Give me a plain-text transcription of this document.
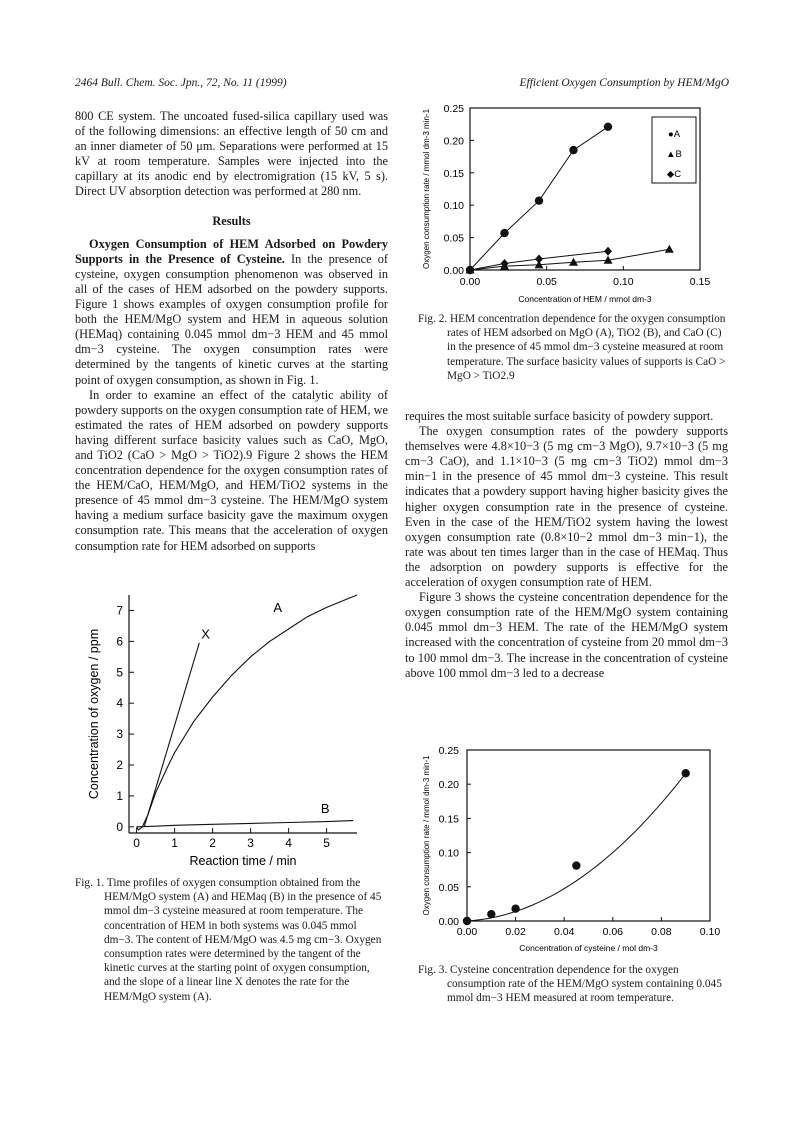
2464 Bull. Chem. Soc. Jpn., 72, No. 11 (1999)	Efficient Oxygen Consumption by HEM/MgO

800 CE system. The uncoated fused-silica capillary used was of the following dimensions: an effective length of 50 cm and an inner diameter of 50 μm. Separations were performed at 15 kV at room temperature. Samples were injected into the capillary at its anodic end by electromigration (15 kV, 5 s). Direct UV absorption detection was performed at 280 nm.

Results

Oxygen Consumption of HEM Adsorbed on Powdery Supports in the Presence of Cysteine. In the presence of cysteine, oxygen consumption phenomenon was observed in all of the cases of HEM adsorbed on the powdery supports. Figure 1 shows examples of oxygen consumption profile for both the HEM/MgO system and HEM in aqueous solution (HEMaq) containing 0.045 mmol dm−3 HEM and 45 mmol dm−3 cysteine. The oxygen consumption rates were determined by the tangents of kinetic curves at the starting point of oxygen consumption, as shown in Fig. 1.

In order to examine an effect of the catalytic ability of powdery supports on the oxygen consumption rate of HEM, we estimated the rates of HEM adsorbed on powdery supports having different surface basicity values such as CaO, MgO, and TiO2 (CaO > MgO > TiO2).9 Figure 2 shows the HEM concentration dependence for the oxygen consumption rates of the HEM/CaO, HEM/MgO, and HEM/TiO2 systems in the presence of 45 mmol dm−3 cysteine. The HEM/MgO system having a medium surface basicity gave the maximum oxygen consumption rate. This means that the acceleration of oxygen consumption rate for HEM adsorbed on supports

requires the most suitable surface basicity of powdery support.

The oxygen consumption rates of the powdery supports themselves were 4.8×10−3 (5 mg cm−3 MgO), 9.7×10−3 (5 mg cm−3 CaO), and 1.1×10−3 (5 mg cm−3 TiO2) mmol dm−3 min−1 in the presence of 45 mmol dm−3 cysteine. This result indicates that a powdery support having higher basicity gives the higher oxygen consumption rate in the presence of cysteine. Even in the case of the HEM/TiO2 system having the lowest oxygen consumption rate (0.8×10−2 mmol dm−3 min−1), the rate was about ten times larger than in the case of HEMaq. Thus the adsorption on powdery supports is effective for the acceleration of oxygen consumption rate of HEM.

Figure 3 shows the cysteine concentration dependence for the oxygen consumption rate of the HEM/MgO system containing 0.045 mmol dm−3 HEM. The rate of the HEM/MgO system increased with the concentration of cysteine from 20 mmol dm−3 to 100 mmol dm−3. The increase in the concentration of cysteine above 100 mmol dm−3 led to a decrease

0.00
0.05
0.10
0.15
0.20
0.25
0.00	0.05	0.10	0.15
Concentration of HEM / mmol dm-3
Oxygen consumption rate / mmol dm-3 min-1	●A
▲B
◆C

Fig. 2. HEM concentration dependence for the oxygen consumption rates of HEM adsorbed on MgO (A), TiO2 (B), and CaO (C) in the presence of 45 mmol dm−3 cysteine measured at room temperature. The surface basicity values of supports is CaO > MgO > TiO2.9

0
1
2
3
4
5
6
7
0	1	2	3	4	5
Reaction time / min
Concentration of oxygen / ppm
A
B
X

Fig. 1. Time profiles of oxygen consumption obtained from the HEM/MgO system (A) and HEMaq (B) in the presence of 45 mmol dm−3 cysteine measured at room temperature. The concentration of HEM in both systems was 0.045 mmol dm−3. The content of HEM/MgO was 4.5 mg cm−3. Oxygen consumption rates were determined by the tangent of the kinetic curves at the starting point of oxygen consumption, and the slope of a linear line X denotes the rate for the HEM/MgO system (A).

0.00
0.05
0.10
0.15
0.20
0.25
0.00	0.02	0.04	0.06	0.08	0.10
Concentration of cysteine / mol dm-3
Oxygen consumption rate / mmol dm-3 min-1

Fig. 3. Cysteine concentration dependence for the oxygen consumption rate of the HEM/MgO system containing 0.045 mmol dm−3 HEM measured at room temperature.
